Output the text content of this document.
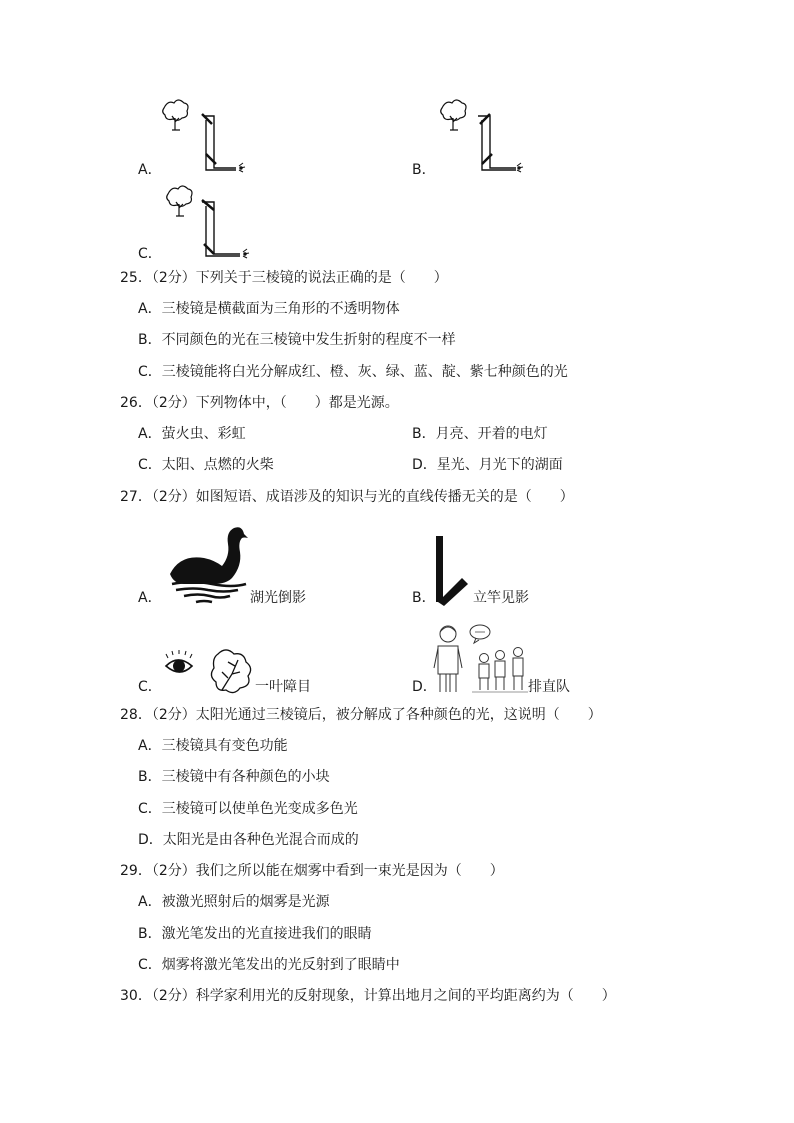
A．	B．
C．
25．（2分）下列关于三棱镜的说法正确的是（　　）
A．三棱镜是横截面为三角形的不透明物体
B．不同颜色的光在三棱镜中发生折射的程度不一样
C．三棱镜能将白光分解成红、橙、灰、绿、蓝、靛、紫七种颜色的光
26．（2分）下列物体中，（　　）都是光源。
A．萤火虫、彩虹	B．月亮、开着的电灯
C．太阳、点燃的火柴	D．星光、月光下的湖面
27．（2分）如图短语、成语涉及的知识与光的直线传播无关的是（　　）
A．	湖光倒影	B．	立竿见影
C．	一叶障目	D．	排直队
28．（2分）太阳光通过三棱镜后，被分解成了各种颜色的光，这说明（　　）
A．三棱镜具有变色功能
B．三棱镜中有各种颜色的小块
C．三棱镜可以使单色光变成多色光
D．太阳光是由各种色光混合而成的
29．（2分）我们之所以能在烟雾中看到一束光是因为（　　）
A．被激光照射后的烟雾是光源
B．激光笔发出的光直接进我们的眼睛
C．烟雾将激光笔发出的光反射到了眼睛中
30．（2分）科学家利用光的反射现象，计算出地月之间的平均距离约为（　　）
